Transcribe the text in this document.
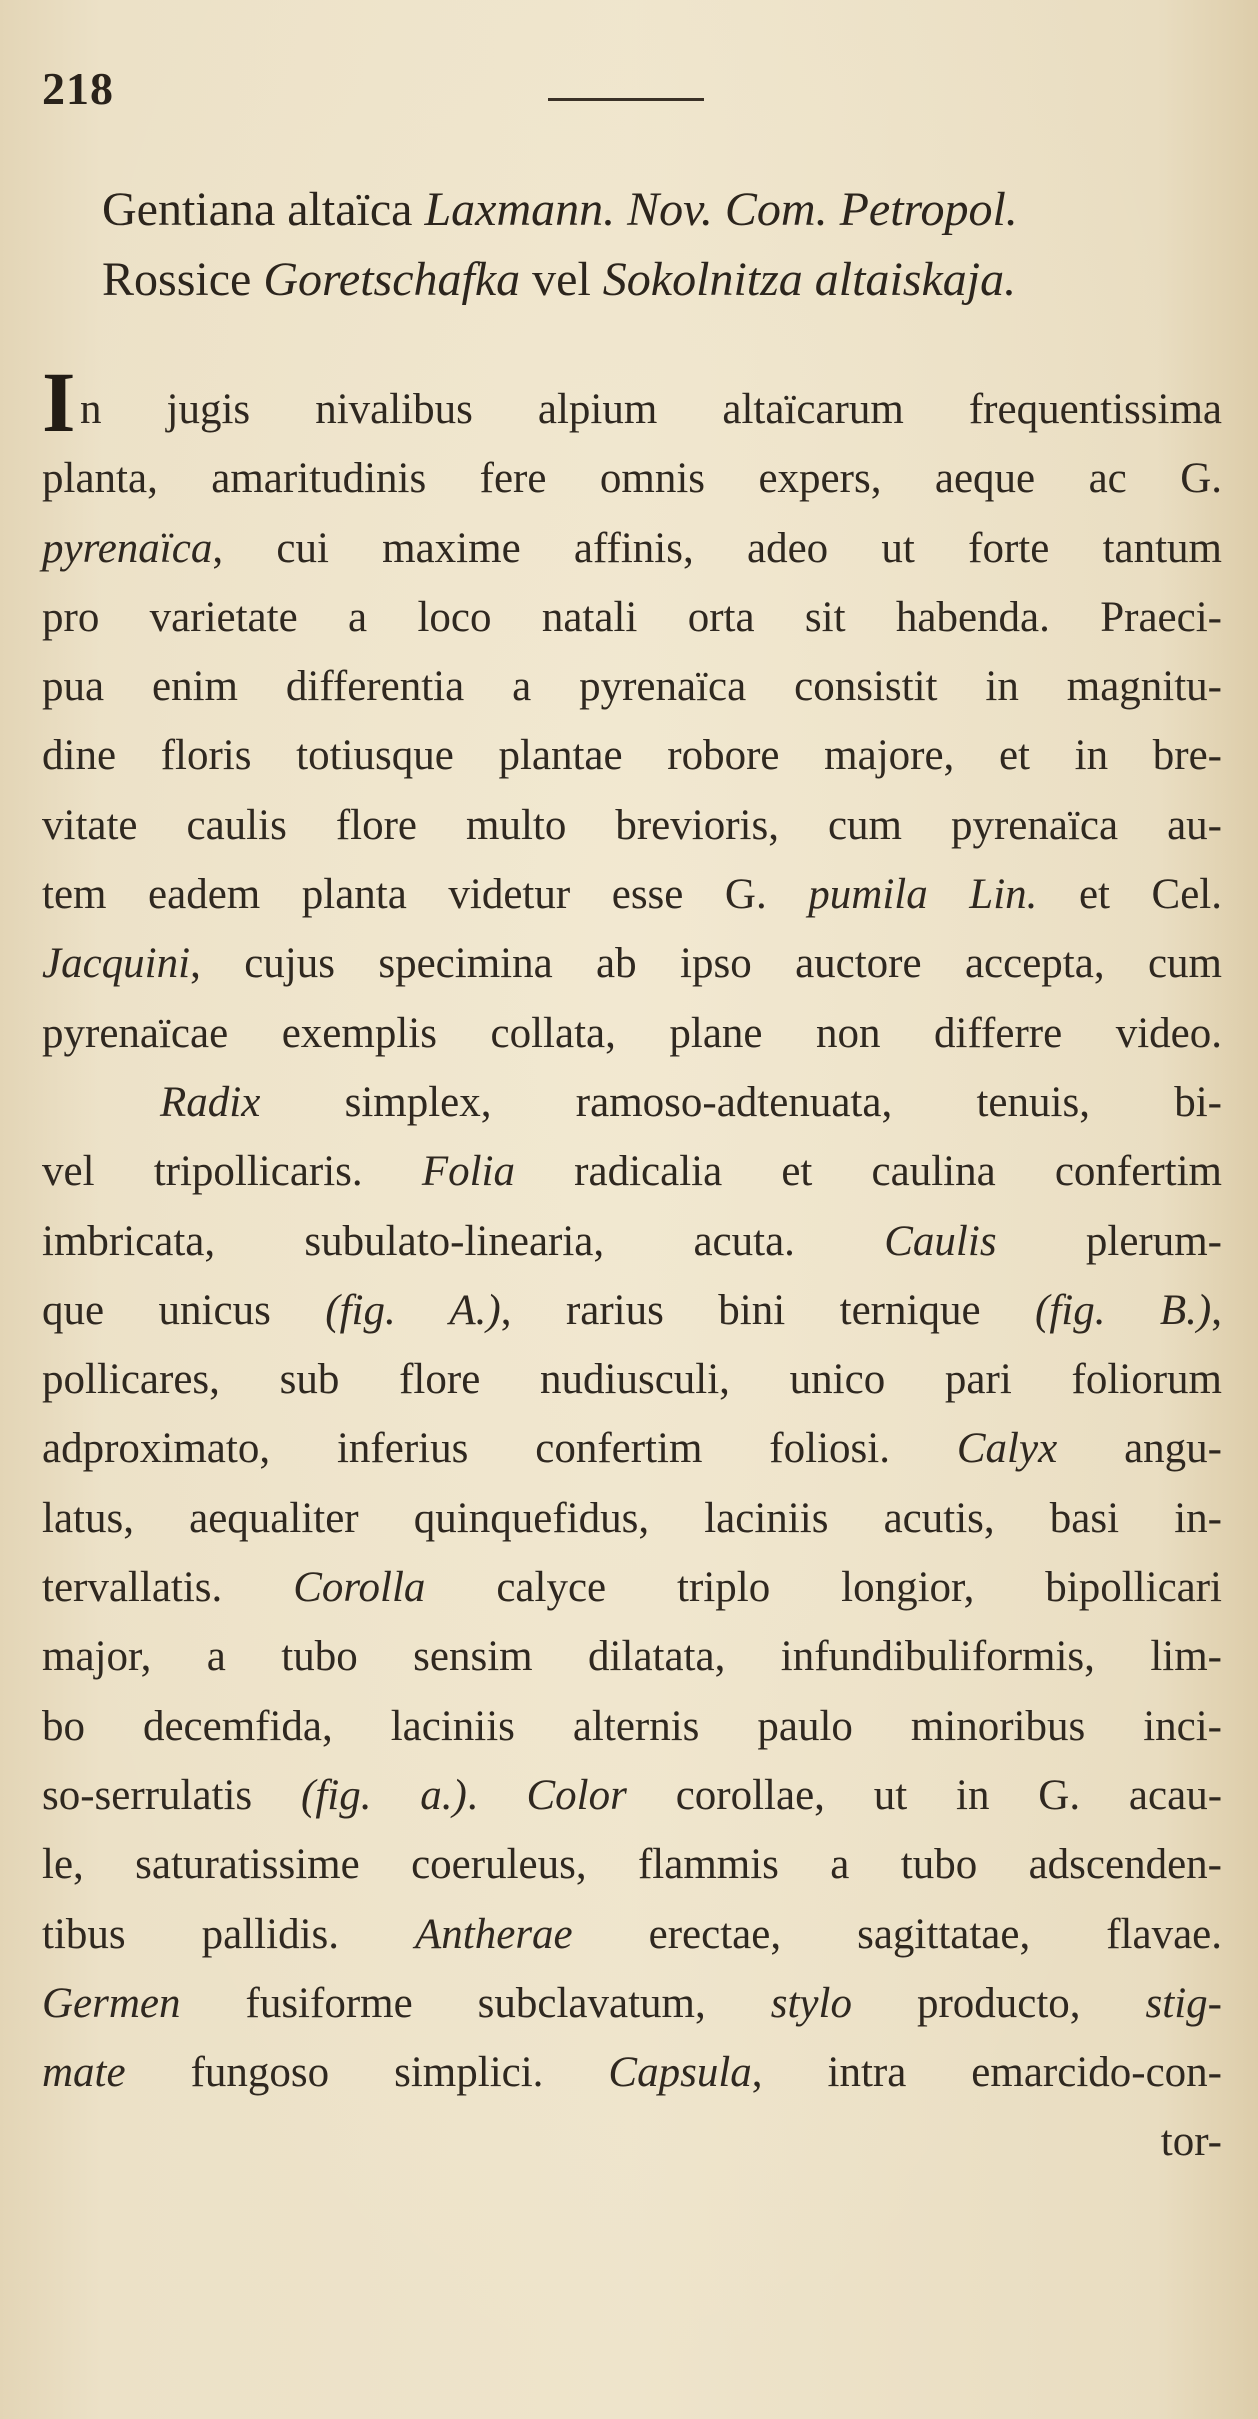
218
Gentiana altaïca Laxmann. Nov. Com. Petropol.
Rossice Goretschafka vel Sokolnitza altaiskaja.
I n jugis nivalibus alpium altaïcarum frequentissima
planta, amaritudinis fere omnis expers, aeque ac G.
pyrenaïca, cui maxime affinis, adeo ut forte tantum
pro varietate a loco natali orta sit habenda. Praeci-
pua enim differentia a pyrenaïca consistit in magnitu-
dine floris totiusque plantae robore majore, et in bre-
vitate caulis flore multo brevioris, cum pyrenaïca au-
tem eadem planta videtur esse G. pumila Lin. et Cel.
Jacquini, cujus specimina ab ipso auctore accepta, cum
pyrenaïcae exemplis collata, plane non differre video.
Radix simplex, ramoso-adtenuata, tenuis, bi-
vel tripollicaris. Folia radicalia et caulina confertim
imbricata, subulato-linearia, acuta. Caulis plerum-
que unicus (fig. A.), rarius bini ternique (fig. B.),
pollicares, sub flore nudiusculi, unico pari foliorum
adproximato, inferius confertim foliosi. Calyx angu-
latus, aequaliter quinquefidus, laciniis acutis, basi in-
tervallatis. Corolla calyce triplo longior, bipollicari
major, a tubo sensim dilatata, infundibuliformis, lim-
bo decemfida, laciniis alternis paulo minoribus inci-
so-serrulatis (fig. a.). Color corollae, ut in G. acau-
le, saturatissime coeruleus, flammis a tubo adscenden-
tibus pallidis. Antherae erectae, sagittatae, flavae.
Germen fusiforme subclavatum, stylo producto, stig-
mate fungoso simplici. Capsula, intra emarcido-con-
tor-
